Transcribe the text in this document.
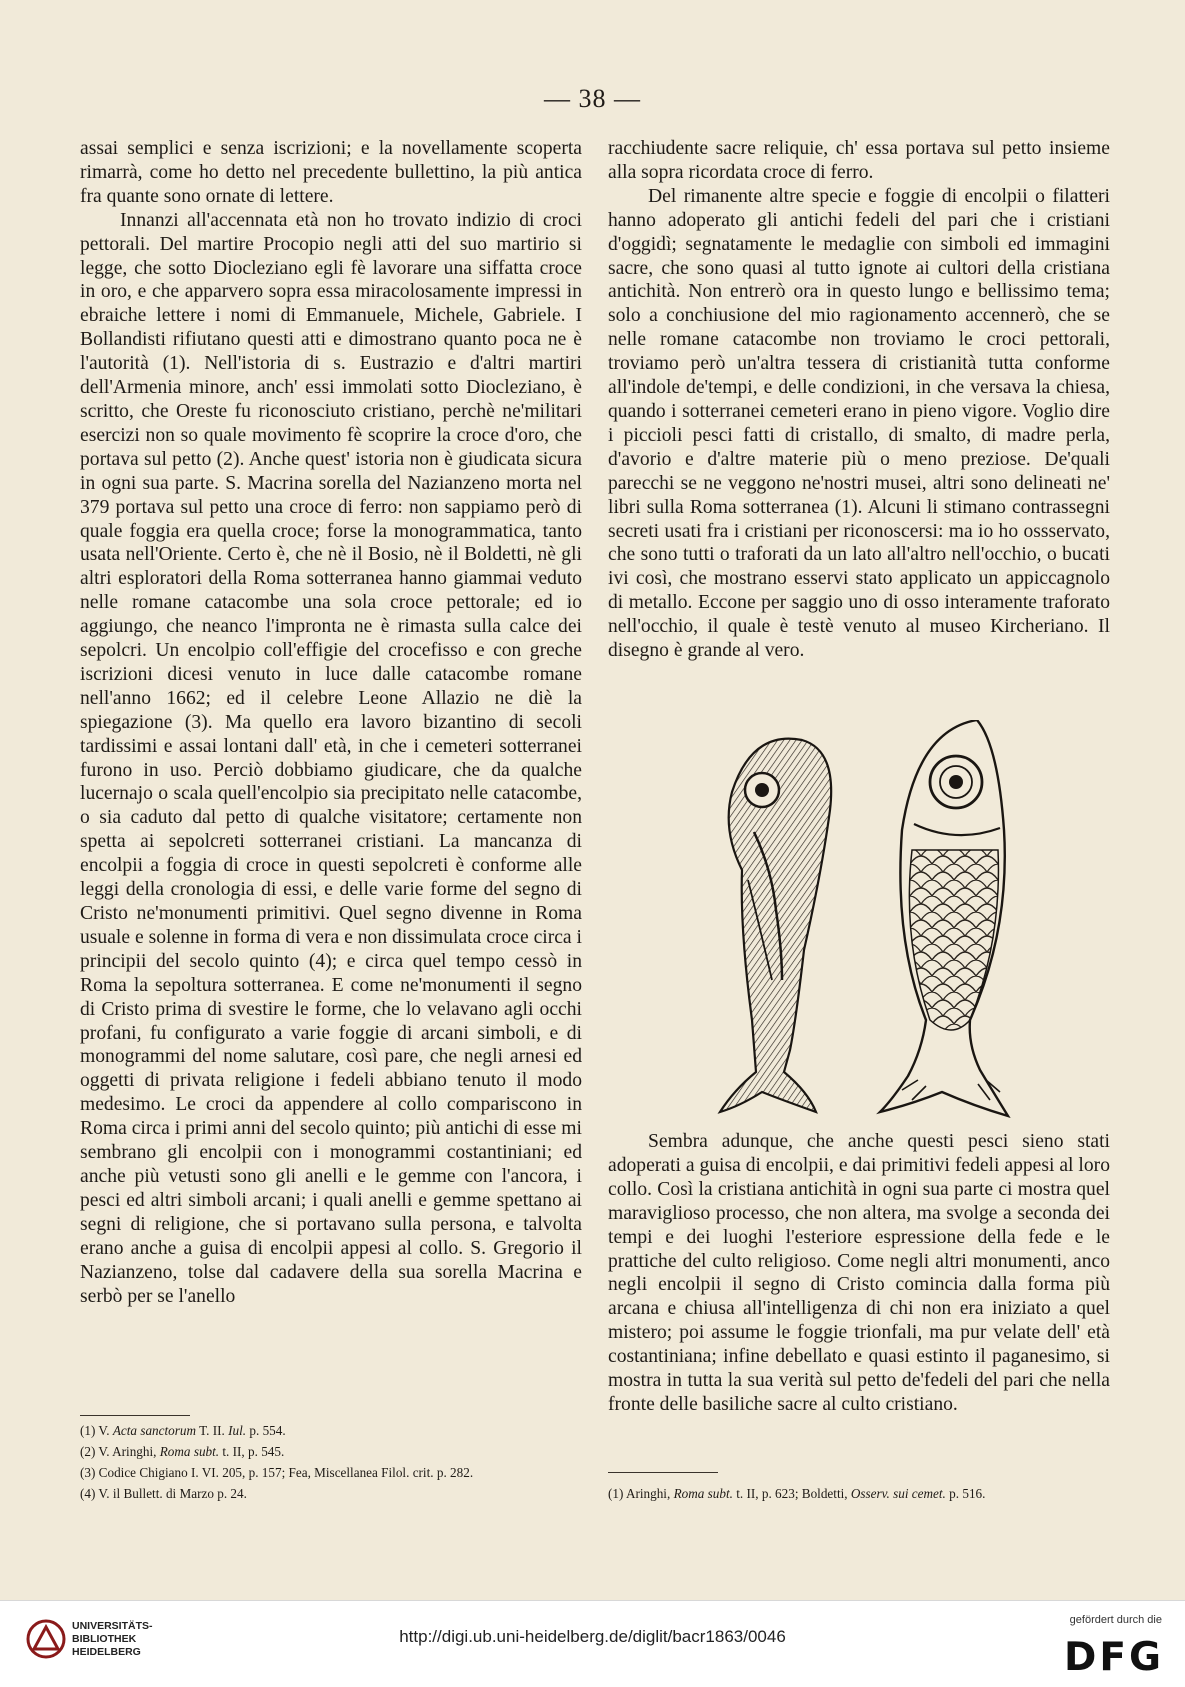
— 38 —

assai semplici e senza iscrizioni; e la novellamente scoperta rimarrà, come ho detto nel precedente bullettino, la più antica fra quante sono ornate di lettere.

Innanzi all'accennata età non ho trovato indizio di croci pettorali. Del martire Procopio negli atti del suo martirio si legge, che sotto Diocleziano egli fè lavorare una siffatta croce in oro, e che apparvero sopra essa miracolosamente impressi in ebraiche lettere i nomi di Emmanuele, Michele, Gabriele. I Bollandisti rifiutano questi atti e dimostrano quanto poca ne è l'autorità (1). Nell'istoria di s. Eustrazio e d'altri martiri dell'Armenia minore, anch' essi immolati sotto Diocleziano, è scritto, che Oreste fu riconosciuto cristiano, perchè ne'militari esercizi non so quale movimento fè scoprire la croce d'oro, che portava sul petto (2). Anche quest' istoria non è giudicata sicura in ogni sua parte. S. Macrina sorella del Nazianzeno morta nel 379 portava sul petto una croce di ferro: non sappiamo però di quale foggia era quella croce; forse la monogrammatica, tanto usata nell'Oriente. Certo è, che nè il Bosio, nè il Boldetti, nè gli altri esploratori della Roma sotterranea hanno giammai veduto nelle romane catacombe una sola croce pettorale; ed io aggiungo, che neanco l'impronta ne è rimasta sulla calce dei sepolcri. Un encolpio coll'effigie del crocefisso e con greche iscrizioni dicesi venuto in luce dalle catacombe romane nell'anno 1662; ed il celebre Leone Allazio ne diè la spiegazione (3). Ma quello era lavoro bizantino di secoli tardissimi e assai lontani dall' età, in che i cemeteri sotterranei furono in uso. Perciò dobbiamo giudicare, che da qualche lucernajo o scala quell'encolpio sia precipitato nelle catacombe, o sia caduto dal petto di qualche visitatore; certamente non spetta ai sepolcreti sotterranei cristiani. La mancanza di encolpii a foggia di croce in questi sepolcreti è conforme alle leggi della cronologia di essi, e delle varie forme del segno di Cristo ne'monumenti primitivi. Quel segno divenne in Roma usuale e solenne in forma di vera e non dissimulata croce circa i principii del secolo quinto (4); e circa quel tempo cessò in Roma la sepoltura sotterranea. E come ne'monumenti il segno di Cristo prima di svestire le forme, che lo velavano agli occhi profani, fu configurato a varie foggie di arcani simboli, e di monogrammi del nome salutare, così pare, che negli arnesi ed oggetti di privata religione i fedeli abbiano tenuto il modo medesimo. Le croci da appendere al collo compariscono in Roma circa i primi anni del secolo quinto; più antichi di esse mi sembrano gli encolpii con i monogrammi costantiniani; ed anche più vetusti sono gli anelli e le gemme con l'ancora, i pesci ed altri simboli arcani; i quali anelli e gemme spettano ai segni di religione, che si portavano sulla persona, e talvolta erano anche a guisa di encolpii appesi al collo. S. Gregorio il Nazianzeno, tolse dal cadavere della sua sorella Macrina e serbò per se l'anello

(1) V. Acta sanctorum T. II. Iul. p. 554.
(2) V. Aringhi, Roma subt. t. II, p. 545.
(3) Codice Chigiano I. VI. 205, p. 157; Fea, Miscellanea Filol. crit. p. 282.
(4) V. il Bullett. di Marzo p. 24.

racchiudente sacre reliquie, ch' essa portava sul petto insieme alla sopra ricordata croce di ferro.

Del rimanente altre specie e foggie di encolpii o filatteri hanno adoperato gli antichi fedeli del pari che i cristiani d'oggidì; segnatamente le medaglie con simboli ed immagini sacre, che sono quasi al tutto ignote ai cultori della cristiana antichità. Non entrerò ora in questo lungo e bellissimo tema; solo a conchiusione del mio ragionamento accennerò, che se nelle romane catacombe non troviamo le croci pettorali, troviamo però un'altra tessera di cristianità tutta conforme all'indole de'tempi, e delle condizioni, in che versava la chiesa, quando i sotterranei cemeteri erano in pieno vigore. Voglio dire i piccioli pesci fatti di cristallo, di smalto, di madre perla, d'avorio e d'altre materie più o meno preziose. De'quali parecchi se ne veggono ne'nostri musei, altri sono delineati ne' libri sulla Roma sotterranea (1). Alcuni li stimano contrassegni secreti usati fra i cristiani per riconoscersi: ma io ho ossservato, che sono tutti o traforati da un lato all'altro nell'occhio, o bucati ivi così, che mostrano esservi stato applicato un appiccagnolo di metallo. Eccone per saggio uno di osso interamente traforato nell'occhio, il quale è testè venuto al museo Kircheriano. Il disegno è grande al vero.

Sembra adunque, che anche questi pesci sieno stati adoperati a guisa di encolpii, e dai primitivi fedeli appesi al loro collo. Così la cristiana antichità in ogni sua parte ci mostra quel maraviglioso processo, che non altera, ma svolge a seconda dei tempi e dei luoghi l'esteriore espressione della fede e le prattiche del culto religioso. Come negli altri monumenti, anco negli encolpii il segno di Cristo comincia dalla forma più arcana e chiusa all'intelligenza di chi non era iniziato a quel mistero; poi assume le foggie trionfali, ma pur velate dell' età costantiniana; infine debellato e quasi estinto il paganesimo, si mostra in tutta la sua verità sul petto de'fedeli del pari che nella fronte delle basiliche sacre al culto cristiano.

(1) Aringhi, Roma subt. t. II, p. 623; Boldetti, Osserv. sui cemet. p. 516.
UNIVERSITÄTS-
BIBLIOTHEK
HEIDELBERG
http://digi.ub.uni-heidelberg.de/diglit/bacr1863/0046
gefördert durch die
DFG
